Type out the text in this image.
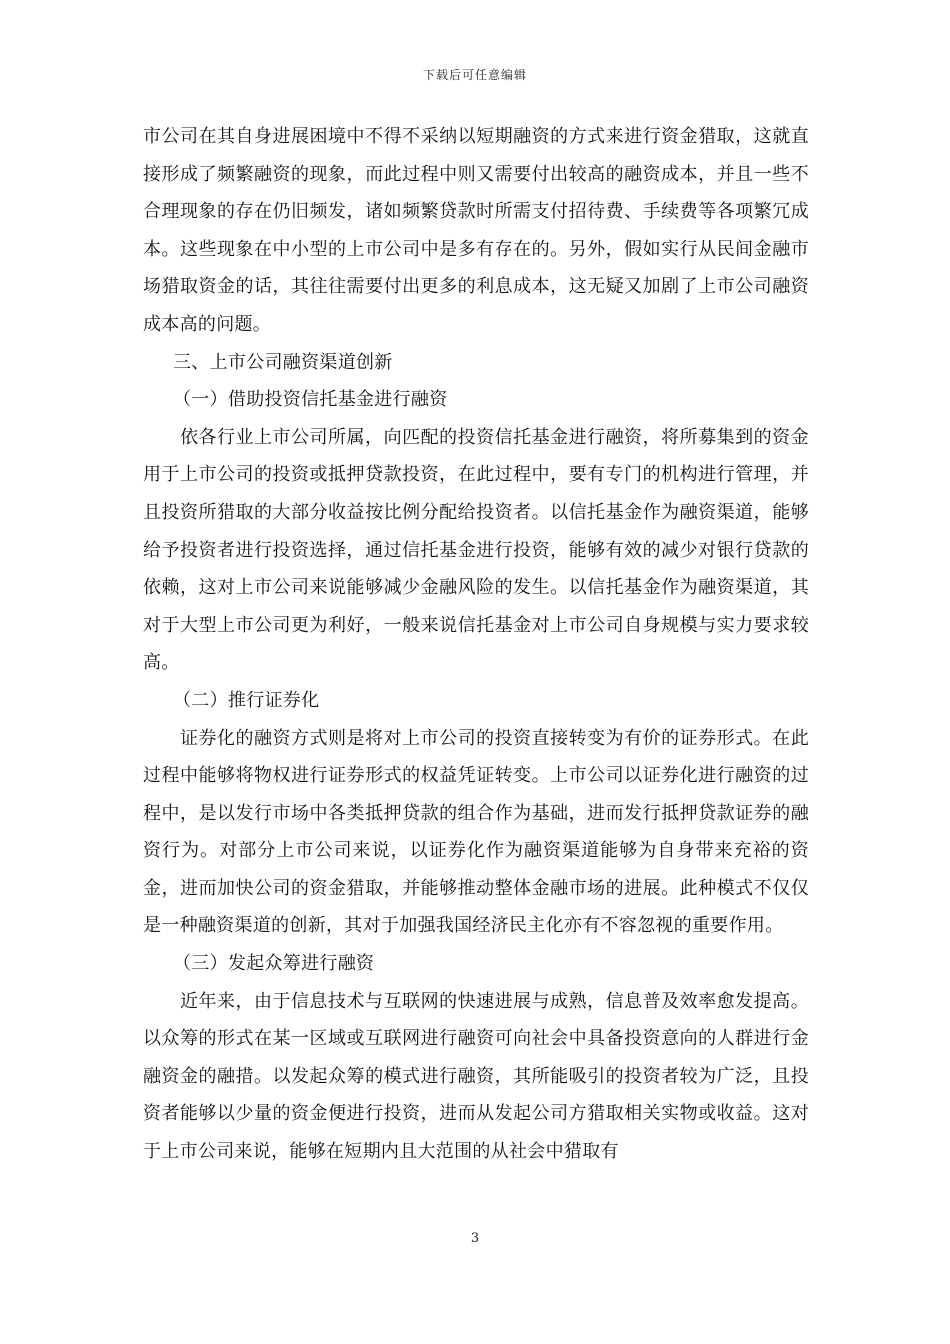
下载后可任意编辑

市公司在其自身进展困境中不得不采纳以短期融资的方式来进行资金猎取，这就直接形成了频繁融资的现象，而此过程中则又需要付出较高的融资成本，并且一些不合理现象的存在仍旧频发，诸如频繁贷款时所需支付招待费、手续费等各项繁冗成本。这些现象在中小型的上市公司中是多有存在的。另外，假如实行从民间金融市场猎取资金的话，其往往需要付出更多的利息成本，这无疑又加剧了上市公司融资成本高的问题。

三、上市公司融资渠道创新

（一）借助投资信托基金进行融资

依各行业上市公司所属，向匹配的投资信托基金进行融资，将所募集到的资金用于上市公司的投资或抵押贷款投资，在此过程中，要有专门的机构进行管理，并且投资所猎取的大部分收益按比例分配给投资者。以信托基金作为融资渠道，能够给予投资者进行投资选择，通过信托基金进行投资，能够有效的减少对银行贷款的依赖，这对上市公司来说能够减少金融风险的发生。以信托基金作为融资渠道，其对于大型上市公司更为利好，一般来说信托基金对上市公司自身规模与实力要求较高。

（二）推行证券化

证券化的融资方式则是将对上市公司的投资直接转变为有价的证券形式。在此过程中能够将物权进行证券形式的权益凭证转变。上市公司以证券化进行融资的过程中，是以发行市场中各类抵押贷款的组合作为基础，进而发行抵押贷款证券的融资行为。对部分上市公司来说，以证券化作为融资渠道能够为自身带来充裕的资金，进而加快公司的资金猎取，并能够推动整体金融市场的进展。此种模式不仅仅是一种融资渠道的创新，其对于加强我国经济民主化亦有不容忽视的重要作用。

（三）发起众筹进行融资

近年来，由于信息技术与互联网的快速进展与成熟，信息普及效率愈发提高。以众筹的形式在某一区域或互联网进行融资可向社会中具备投资意向的人群进行金融资金的融措。以发起众筹的模式进行融资，其所能吸引的投资者较为广泛，且投资者能够以少量的资金便进行投资，进而从发起公司方猎取相关实物或收益。这对于上市公司来说，能够在短期内且大范围的从社会中猎取有

3
